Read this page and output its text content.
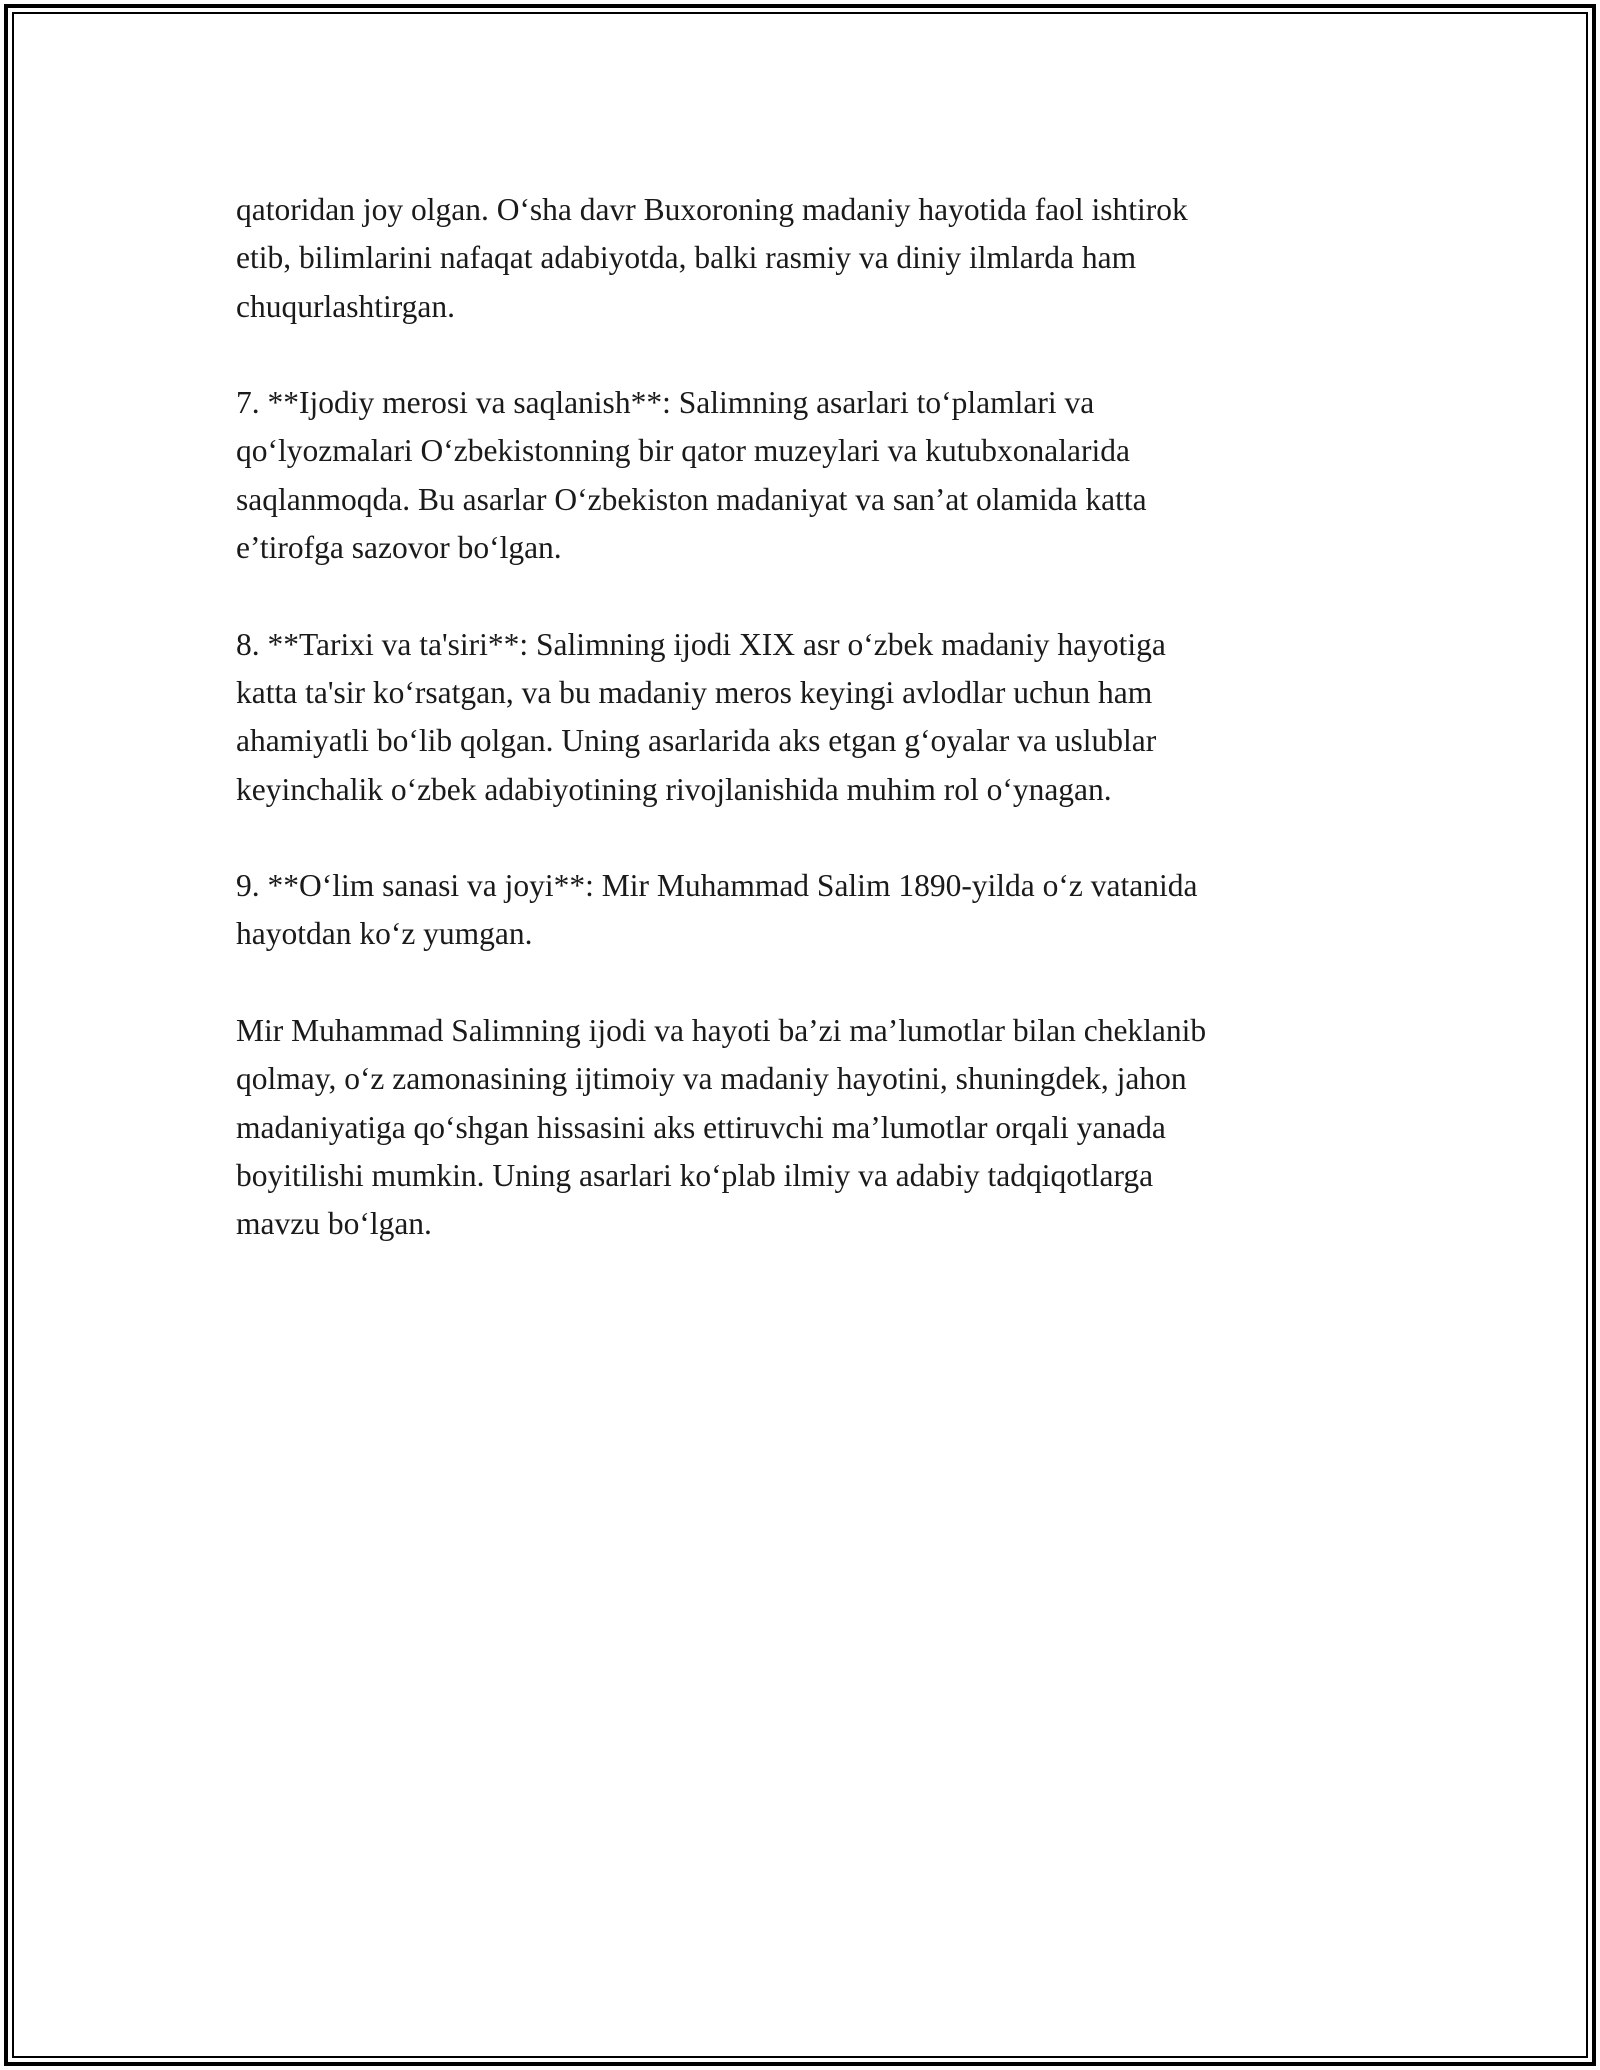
qatoridan joy olgan. O‘sha davr Buxoroning madaniy hayotida faol ishtirok
etib, bilimlarini nafaqat adabiyotda, balki rasmiy va diniy ilmlarda ham
chuqurlashtirgan.

7. **Ijodiy merosi va saqlanish**: Salimning asarlari to‘plamlari va
qo‘lyozmalari O‘zbekistonning bir qator muzeylari va kutubxonalarida
saqlanmoqda. Bu asarlar O‘zbekiston madaniyat va san’at olamida katta
e’tirofga sazovor bo‘lgan.

8. **Tarixi va ta'siri**: Salimning ijodi XIX asr o‘zbek madaniy hayotiga
katta ta'sir ko‘rsatgan, va bu madaniy meros keyingi avlodlar uchun ham
ahamiyatli bo‘lib qolgan. Uning asarlarida aks etgan g‘oyalar va uslublar
keyinchalik o‘zbek adabiyotining rivojlanishida muhim rol o‘ynagan.

9. **O‘lim sanasi va joyi**: Mir Muhammad Salim 1890-yilda o‘z vatanida
hayotdan ko‘z yumgan.

Mir Muhammad Salimning ijodi va hayoti ba’zi ma’lumotlar bilan cheklanib
qolmay, o‘z zamonasining ijtimoiy va madaniy hayotini, shuningdek, jahon
madaniyatiga qo‘shgan hissasini aks ettiruvchi ma’lumotlar orqali yanada
boyitilishi mumkin. Uning asarlari ko‘plab ilmiy va adabiy tadqiqotlarga
mavzu bo‘lgan.
